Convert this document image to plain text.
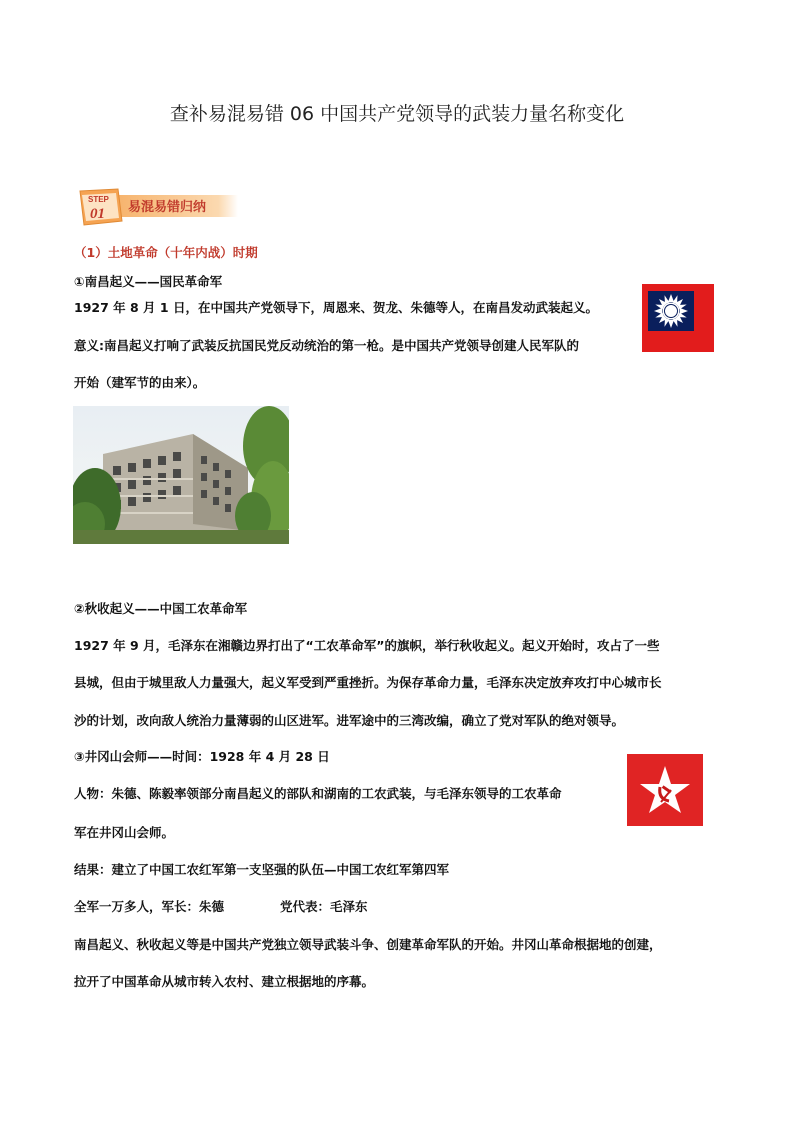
查补易混易错 06 中国共产党领导的武装力量名称变化
STEP
01 易混易错归纳
（1）土地革命（十年内战）时期
①南昌起义——国民革命军
1927 年 8 月 1 日，在中国共产党领导下，周恩来、贺龙、朱德等人，在南昌发动武装起义。
意义:南昌起义打响了武装反抗国民党反动统治的第一枪。是中国共产党领导创建人民军队的
开始（建军节的由来）。
②秋收起义——中国工农革命军
1927 年 9 月，毛泽东在湘赣边界打出了“工农革命军”的旗帜，举行秋收起义。起义开始时，攻占了一些
县城，但由于城里敌人力量强大，起义军受到严重挫折。为保存革命力量，毛泽东决定放弃攻打中心城市长
沙的计划，改向敌人统治力量薄弱的山区进军。进军途中的三湾改编，确立了党对军队的绝对领导。
③井冈山会师——时间：1928 年 4 月 28 日
人物：朱德、陈毅率领部分南昌起义的部队和湖南的工农武装，与毛泽东领导的工农革命
军在井冈山会师。
结果：建立了中国工农红军第一支坚强的队伍—中国工农红军第四军
全军一万多人，军长：朱德	党代表：毛泽东
南昌起义、秋收起义等是中国共产党独立领导武装斗争、创建革命军队的开始。井冈山革命根据地的创建，
拉开了中国革命从城市转入农村、建立根据地的序幕。
